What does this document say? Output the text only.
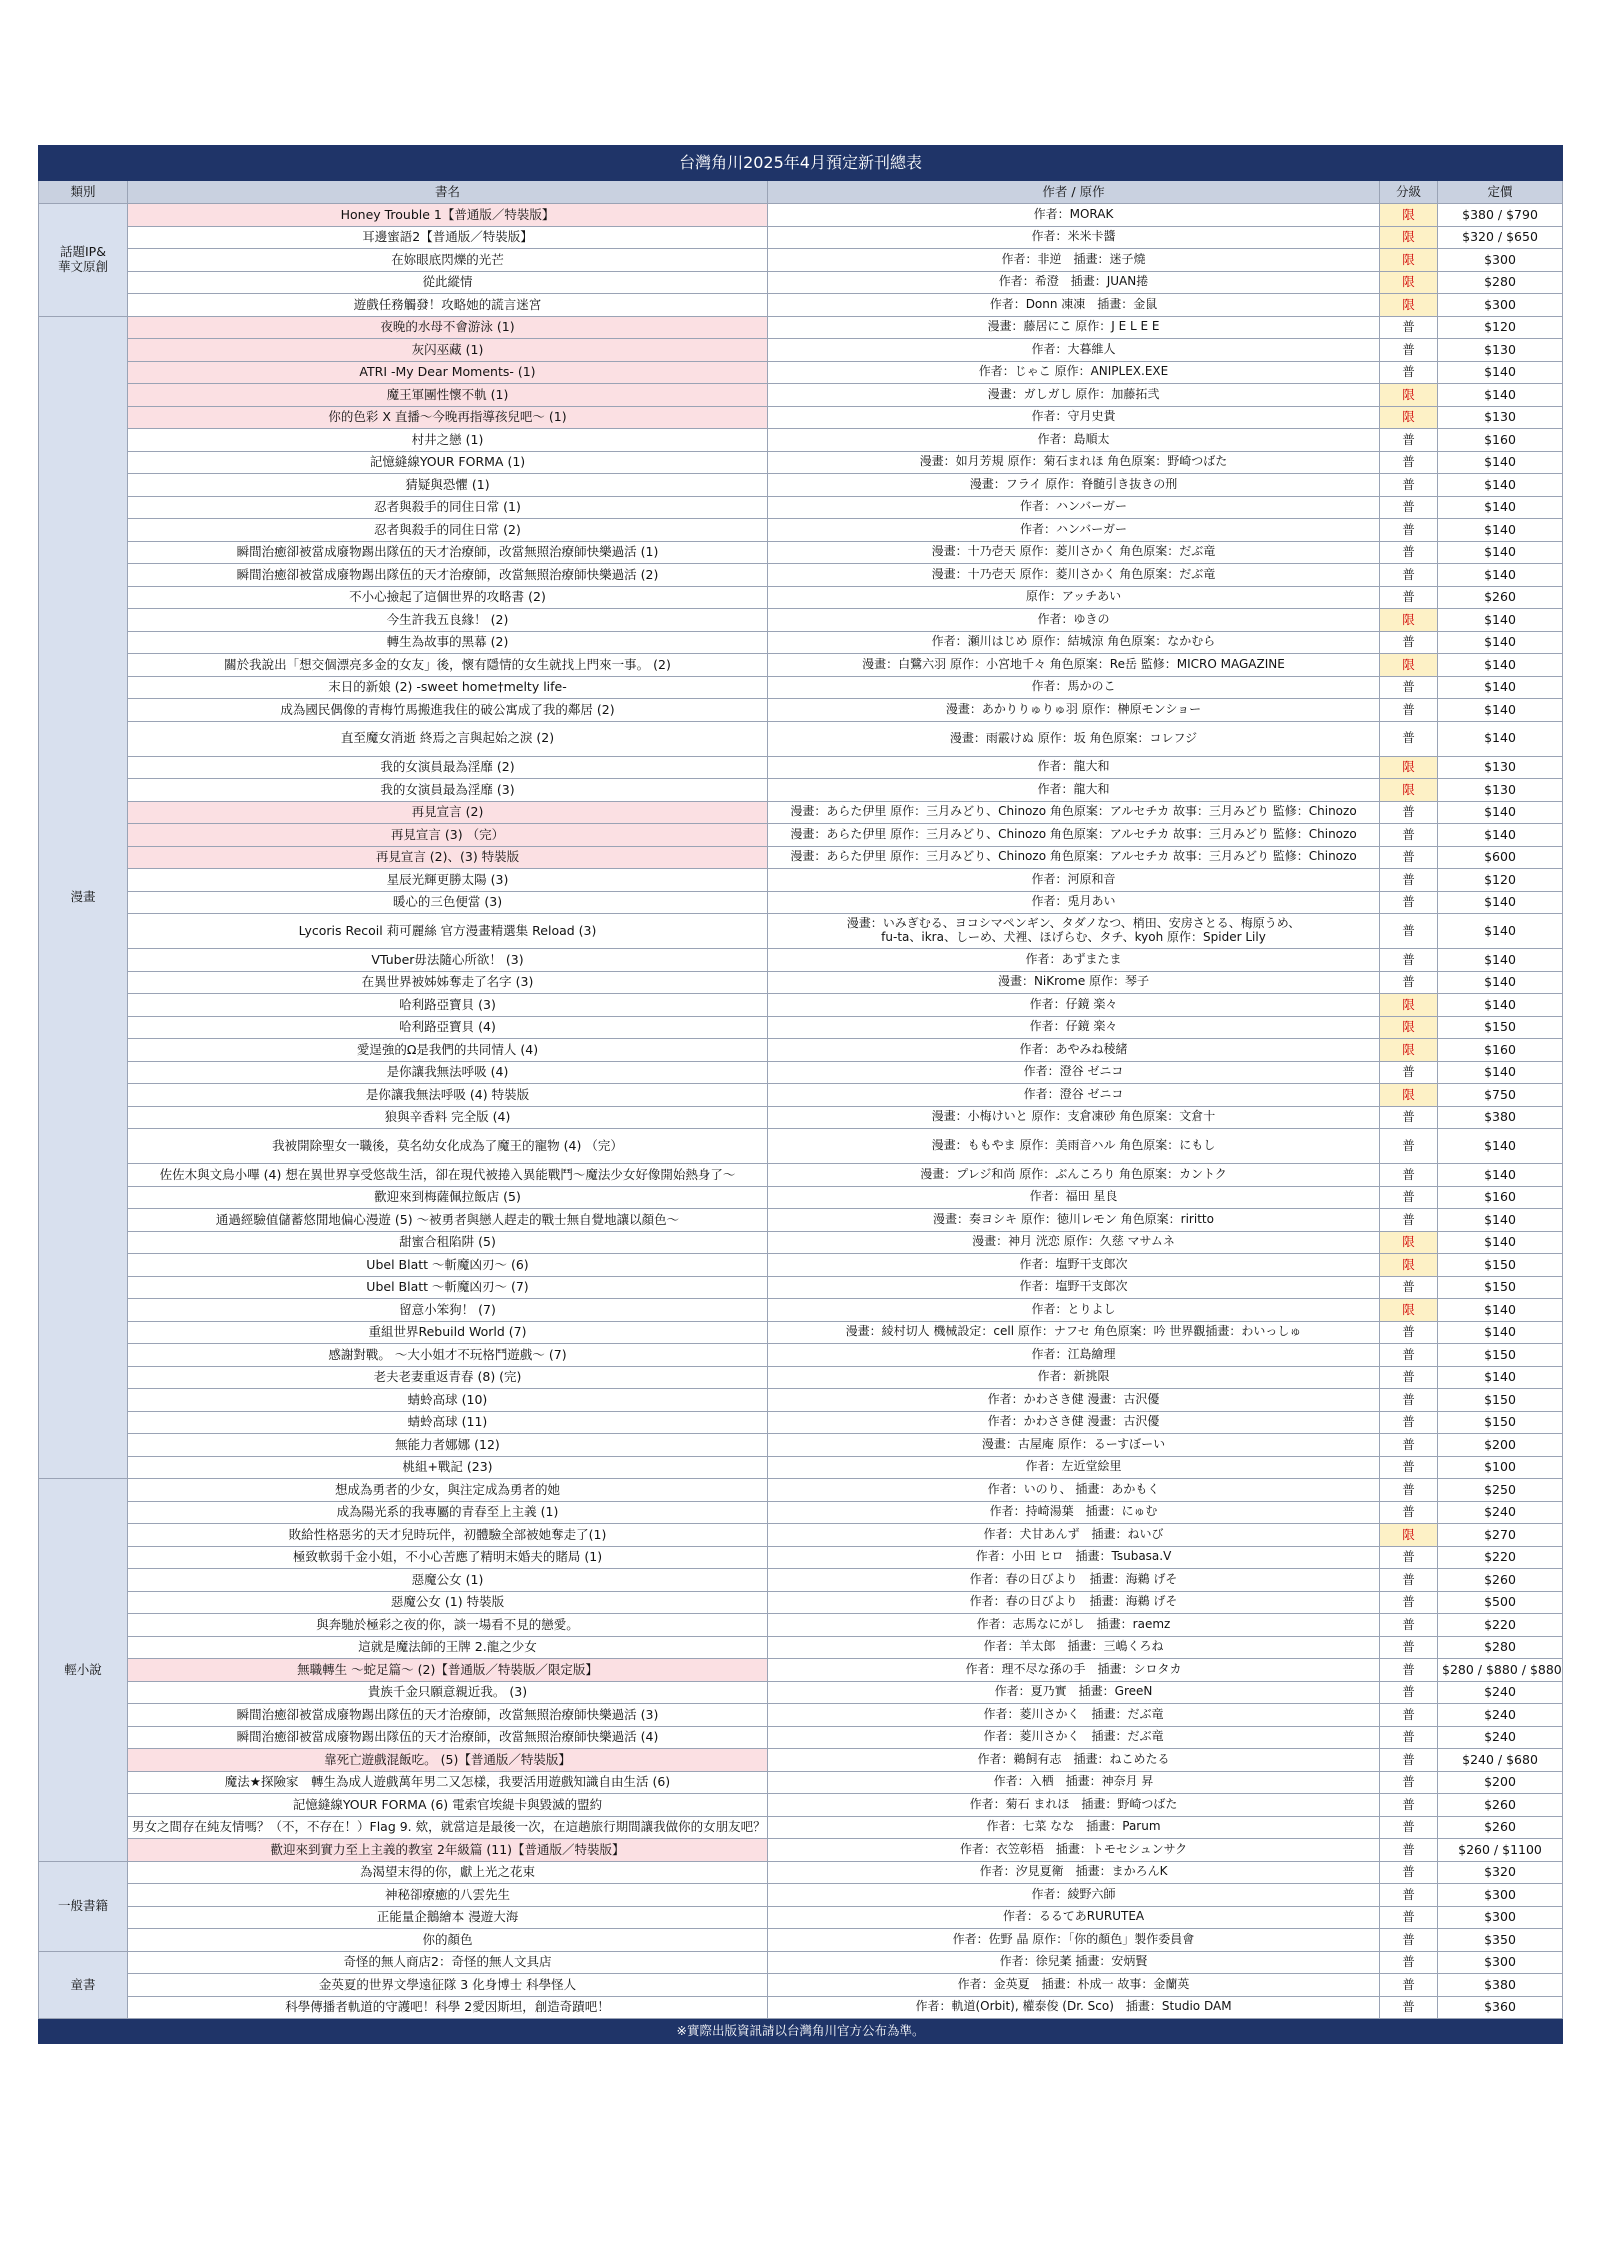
台灣角川2025年4月預定新刊總表				
類別	書名	作者 / 原作	分級	定價
話題IP&
華文原創	Honey Trouble 1【普通版／特裝版】	作者：MORAK	限	$380 / $790
	耳邊蜜語2【普通版／特裝版】	作者：米米卡醬	限	$320 / $650
	在妳眼底閃爍的光芒	作者：非逆　插畫：迷子燒	限	$300
	從此縱情	作者：希澄　插畫：JUAN捲	限	$280
	遊戲任務觸發！攻略她的謊言迷宮	作者：Donn 凍凍　插畫：金鼠	限	$300
漫畫	夜晚的水母不會游泳 (1)	漫畫：藤居にこ 原作：J E L E E	普	$120
	灰闪巫藏 (1)	作者：大暮維人	普	$130
	ATRI -My Dear Moments- (1)	作者：じゃこ 原作：ANIPLEX.EXE	普	$140
	魔王軍團性懷不軌 (1)	漫畫：ガしガし 原作：加藤拓弐	限	$140
	你的色彩 X 直播～今晚再指導孩兒吧～ (1)	作者：守月史貴	限	$130
	村井之戀 (1)	作者：島順太	普	$160
	記憶縫線YOUR FORMA (1)	漫畫：如月芳規 原作：菊石まれほ 角色原案：野崎つばた	普	$140
	猜疑與恐懼 (1)	漫畫：フライ 原作：脊髄引き抜きの刑	普	$140
	忍者與殺手的同住日常 (1)	作者：ハンバーガー	普	$140
	忍者與殺手的同住日常 (2)	作者：ハンバーガー	普	$140
	瞬間治癒卻被當成廢物踢出隊伍的天才治療師，改當無照治療師快樂過活 (1)	漫畫：十乃壱天 原作：菱川さかく 角色原案：だぶ竜	普	$140
	瞬間治癒卻被當成廢物踢出隊伍的天才治療師，改當無照治療師快樂過活 (2)	漫畫：十乃壱天 原作：菱川さかく 角色原案：だぶ竜	普	$140
	不小心撿起了這個世界的攻略書 (2)	原作：アッチあい	普	$260
	今生許我五良緣！ (2)	作者：ゆきの	限	$140
	轉生為故事的黑幕 (2)	作者：瀬川はじめ 原作：結城涼 角色原案：なかむら	普	$140
	關於我說出「想交個漂亮多金的女友」後，懷有隱情的女生就找上門來一事。 (2)	漫畫：白鷺六羽 原作：小宮地千々 角色原案：Re岳 監修：MICRO MAGAZINE	限	$140
	末日的新娘 (2) -sweet home†melty life-	作者：馬かのこ	普	$140
	成為國民偶像的青梅竹馬搬進我住的破公寓成了我的鄰居 (2)	漫畫：あかりりゅりゅ羽 原作：榊原モンショー	普	$140
	直至魔女消逝 終焉之言與起始之淚 (2)	漫畫：雨霰けぬ 原作：坂 角色原案：コレフジ	普	$140
	我的女演員最為淫靡 (2)	作者：龍大和	限	$130
	我的女演員最為淫靡 (3)	作者：龍大和	限	$130
	再見宣言 (2)	漫畫：あらた伊里 原作：三月みどり、Chinozo 角色原案：アルセチカ 故事：三月みどり 監修：Chinozo	普	$140
	再見宣言 (3) （完）	漫畫：あらた伊里 原作：三月みどり、Chinozo 角色原案：アルセチカ 故事：三月みどり 監修：Chinozo	普	$140
	再見宣言 (2)、(3) 特裝版	漫畫：あらた伊里 原作：三月みどり、Chinozo 角色原案：アルセチカ 故事：三月みどり 監修：Chinozo	普	$600
	星辰光輝更勝太陽 (3)	作者：河原和音	普	$120
	暖心的三色便當 (3)	作者：兎月あい	普	$140
	Lycoris Recoil 莉可麗絲 官方漫畫精選集 Reload (3)	漫畫：いみぎむる、ヨコシマペンギン、タダノなつ、梢田、安房さとる、梅原うめ、
fu-ta、ikra、しーめ、犬裡、ほげらむ、タチ、kyoh 原作：Spider Lily	普	$140
	VTuber毋法隨心所欲！ (3)	作者：あずまたま	普	$140
	在異世界被姊姊奪走了名字 (3)	漫畫：NiKrome 原作：琴子	普	$140
	哈利路亞寶貝 (3)	作者：仔鏡 楽々	限	$140
	哈利路亞寶貝 (4)	作者：仔鏡 楽々	限	$150
	愛逞強的Ω是我們的共同情人 (4)	作者：あやみね稜緒	限	$160
	是你讓我無法呼吸 (4)	作者：澄谷 ゼニコ	普	$140
	是你讓我無法呼吸 (4) 特裝版	作者：澄谷 ゼニコ	限	$750
	狼與辛香料 完全版 (4)	漫畫：小梅けいと 原作：支倉凍砂 角色原案：文倉十	普	$380
	我被開除聖女一職後，莫名幼女化成為了魔王的寵物 (4) （完）	漫畫：ももやま 原作：美雨音ハル 角色原案：にもし	普	$140
	佐佐木與文鳥小嗶 (4) 想在異世界享受悠哉生活，卻在現代被捲入異能戰鬥～魔法少女好像開始熱身了～	漫畫：プレジ和尚 原作：ぶんころり 角色原案：カントク	普	$140
	歡迎來到梅薩佩拉飯店 (5)	作者：福田 星良	普	$160
	通過經驗值儲蓄悠閒地偏心漫遊 (5) ～被勇者與戀人趕走的戰士無自覺地讓以顏色～	漫畫：奏ヨシキ 原作：徳川レモン 角色原案：riritto	普	$140
	甜蜜合租陷阱 (5)	漫畫：神月 洸恋 原作：久慈 マサムネ	限	$140
	Ubel Blatt ～斬魔凶刃～ (6)	作者：塩野干支郎次	限	$150
	Ubel Blatt ～斬魔凶刃～ (7)	作者：塩野干支郎次	普	$150
	留意小笨狗！ (7)	作者：とりよし	限	$140
	重組世界Rebuild World (7)	漫畫：綾村切人 機械設定：cell 原作：ナフセ 角色原案：吟 世界觀插畫：わいっしゅ	普	$140
	感謝對戰。 ～大小姐才不玩格鬥遊戲～ (7)	作者：江島繪理	普	$150
	老夫老妻重返青春 (8) (完)	作者：新挑限	普	$140
	蜻蛉高球 (10)	作者：かわさき健 漫畫：古沢優	普	$150
	蜻蛉高球 (11)	作者：かわさき健 漫畫：古沢優	普	$150
	無能力者娜娜 (12)	漫畫：古屋庵 原作：るーすぼーい	普	$200
	桃組+戰記 (23)	作者：左近堂絵里	普	$100
輕小說	想成為勇者的少女，與注定成為勇者的她	作者：いのり、 插畫：あかもく	普	$250
	成為陽光系的我專屬的青春至上主義 (1)	作者：持崎湯葉　插畫：にゅむ	普	$240
	敗給性格惡劣的天才兒時玩伴，初體驗全部被她奪走了(1)	作者：犬甘あんず　插畫：ねいび	限	$270
	極致軟弱千金小姐，不小心苦應了精明末婚夫的賭局 (1)	作者：小田 ヒロ　插畫：Tsubasa.V	普	$220
	惡魔公女 (1)	作者：春の日びより　插畫：海鵜 げそ	普	$260
	惡魔公女 (1) 特裝版	作者：春の日びより　插畫：海鵜 げそ	普	$500
	與奔馳於極彩之夜的你，談一場看不見的戀愛。	作者：志馬なにがし　插畫：raemz	普	$220
	這就是魔法師的王牌 2.龍之少女	作者：羊太郎　插畫：三嶋くろね	普	$280
	無職轉生 ～蛇足篇～ (2)【普通版／特裝版／限定版】	作者：理不尽な孫の手　插畫：シロタカ	普	$280 / $880 / $880
	貴族千金只願意親近我。 (3)	作者：夏乃實　插畫：GreeN	普	$240
	瞬間治癒卻被當成廢物踢出隊伍的天才治療師，改當無照治療師快樂過活 (3)	作者：菱川さかく　插畫：だぶ竜	普	$240
	瞬間治癒卻被當成廢物踢出隊伍的天才治療師，改當無照治療師快樂過活 (4)	作者：菱川さかく　插畫：だぶ竜	普	$240
	靠死亡遊戲混飯吃。 (5)【普通版／特裝版】	作者：鵜飼有志　插畫：ねこめたる	普	$240 / $680
	魔法★探險家　轉生為成人遊戲萬年男二又怎樣，我要活用遊戲知識自由生活 (6)	作者：入栖　插畫：神奈月 昇	普	$200
	記憶縫線YOUR FORMA (6) 電索官埃緹卡與毀滅的盟約	作者：菊石 まれほ　插畫：野崎つばた	普	$260
	男女之間存在純友情嗎？（不，不存在！）Flag 9. 欸，就當這是最後一次，在這趟旅行期間讓我做你的女朋友吧？	作者：七菜 なな　插畫：Parum	普	$260
	歡迎來到實力至上主義的教室 2年級篇 (11)【普通版／特裝版】	作者：衣笠彰梧　插畫：トモセシュンサク	普	$260 / $1100
一般書籍	為渴望末得的你，獻上光之花束	作者：汐見夏衛　插畫：まかろんK	普	$320
	神秘卻療癒的八雲先生	作者：綾野六師	普	$300
	正能量企鵝繪本 漫遊大海	作者：るるてあRURUTEA	普	$300
	你的顏色	作者：佐野 晶 原作：「你的顏色」製作委員會	普	$350
童書	奇怪的無人商店2：奇怪的無人文具店	作者：徐兒葇 插畫：安炳賢	普	$300
	金英夏的世界文學遠征隊 3 化身博士 科學怪人	作者：金英夏　插畫：朴成一 故事：金蘭英	普	$380
	科學傳播者軌道的守護吧！科學 2愛因斯坦，創造奇蹟吧！	作者：軌道(Orbit), 權泰俊 (Dr. Sco)　插畫：Studio DAM	普	$360
※實際出版資訊請以台灣角川官方公布為準。				
